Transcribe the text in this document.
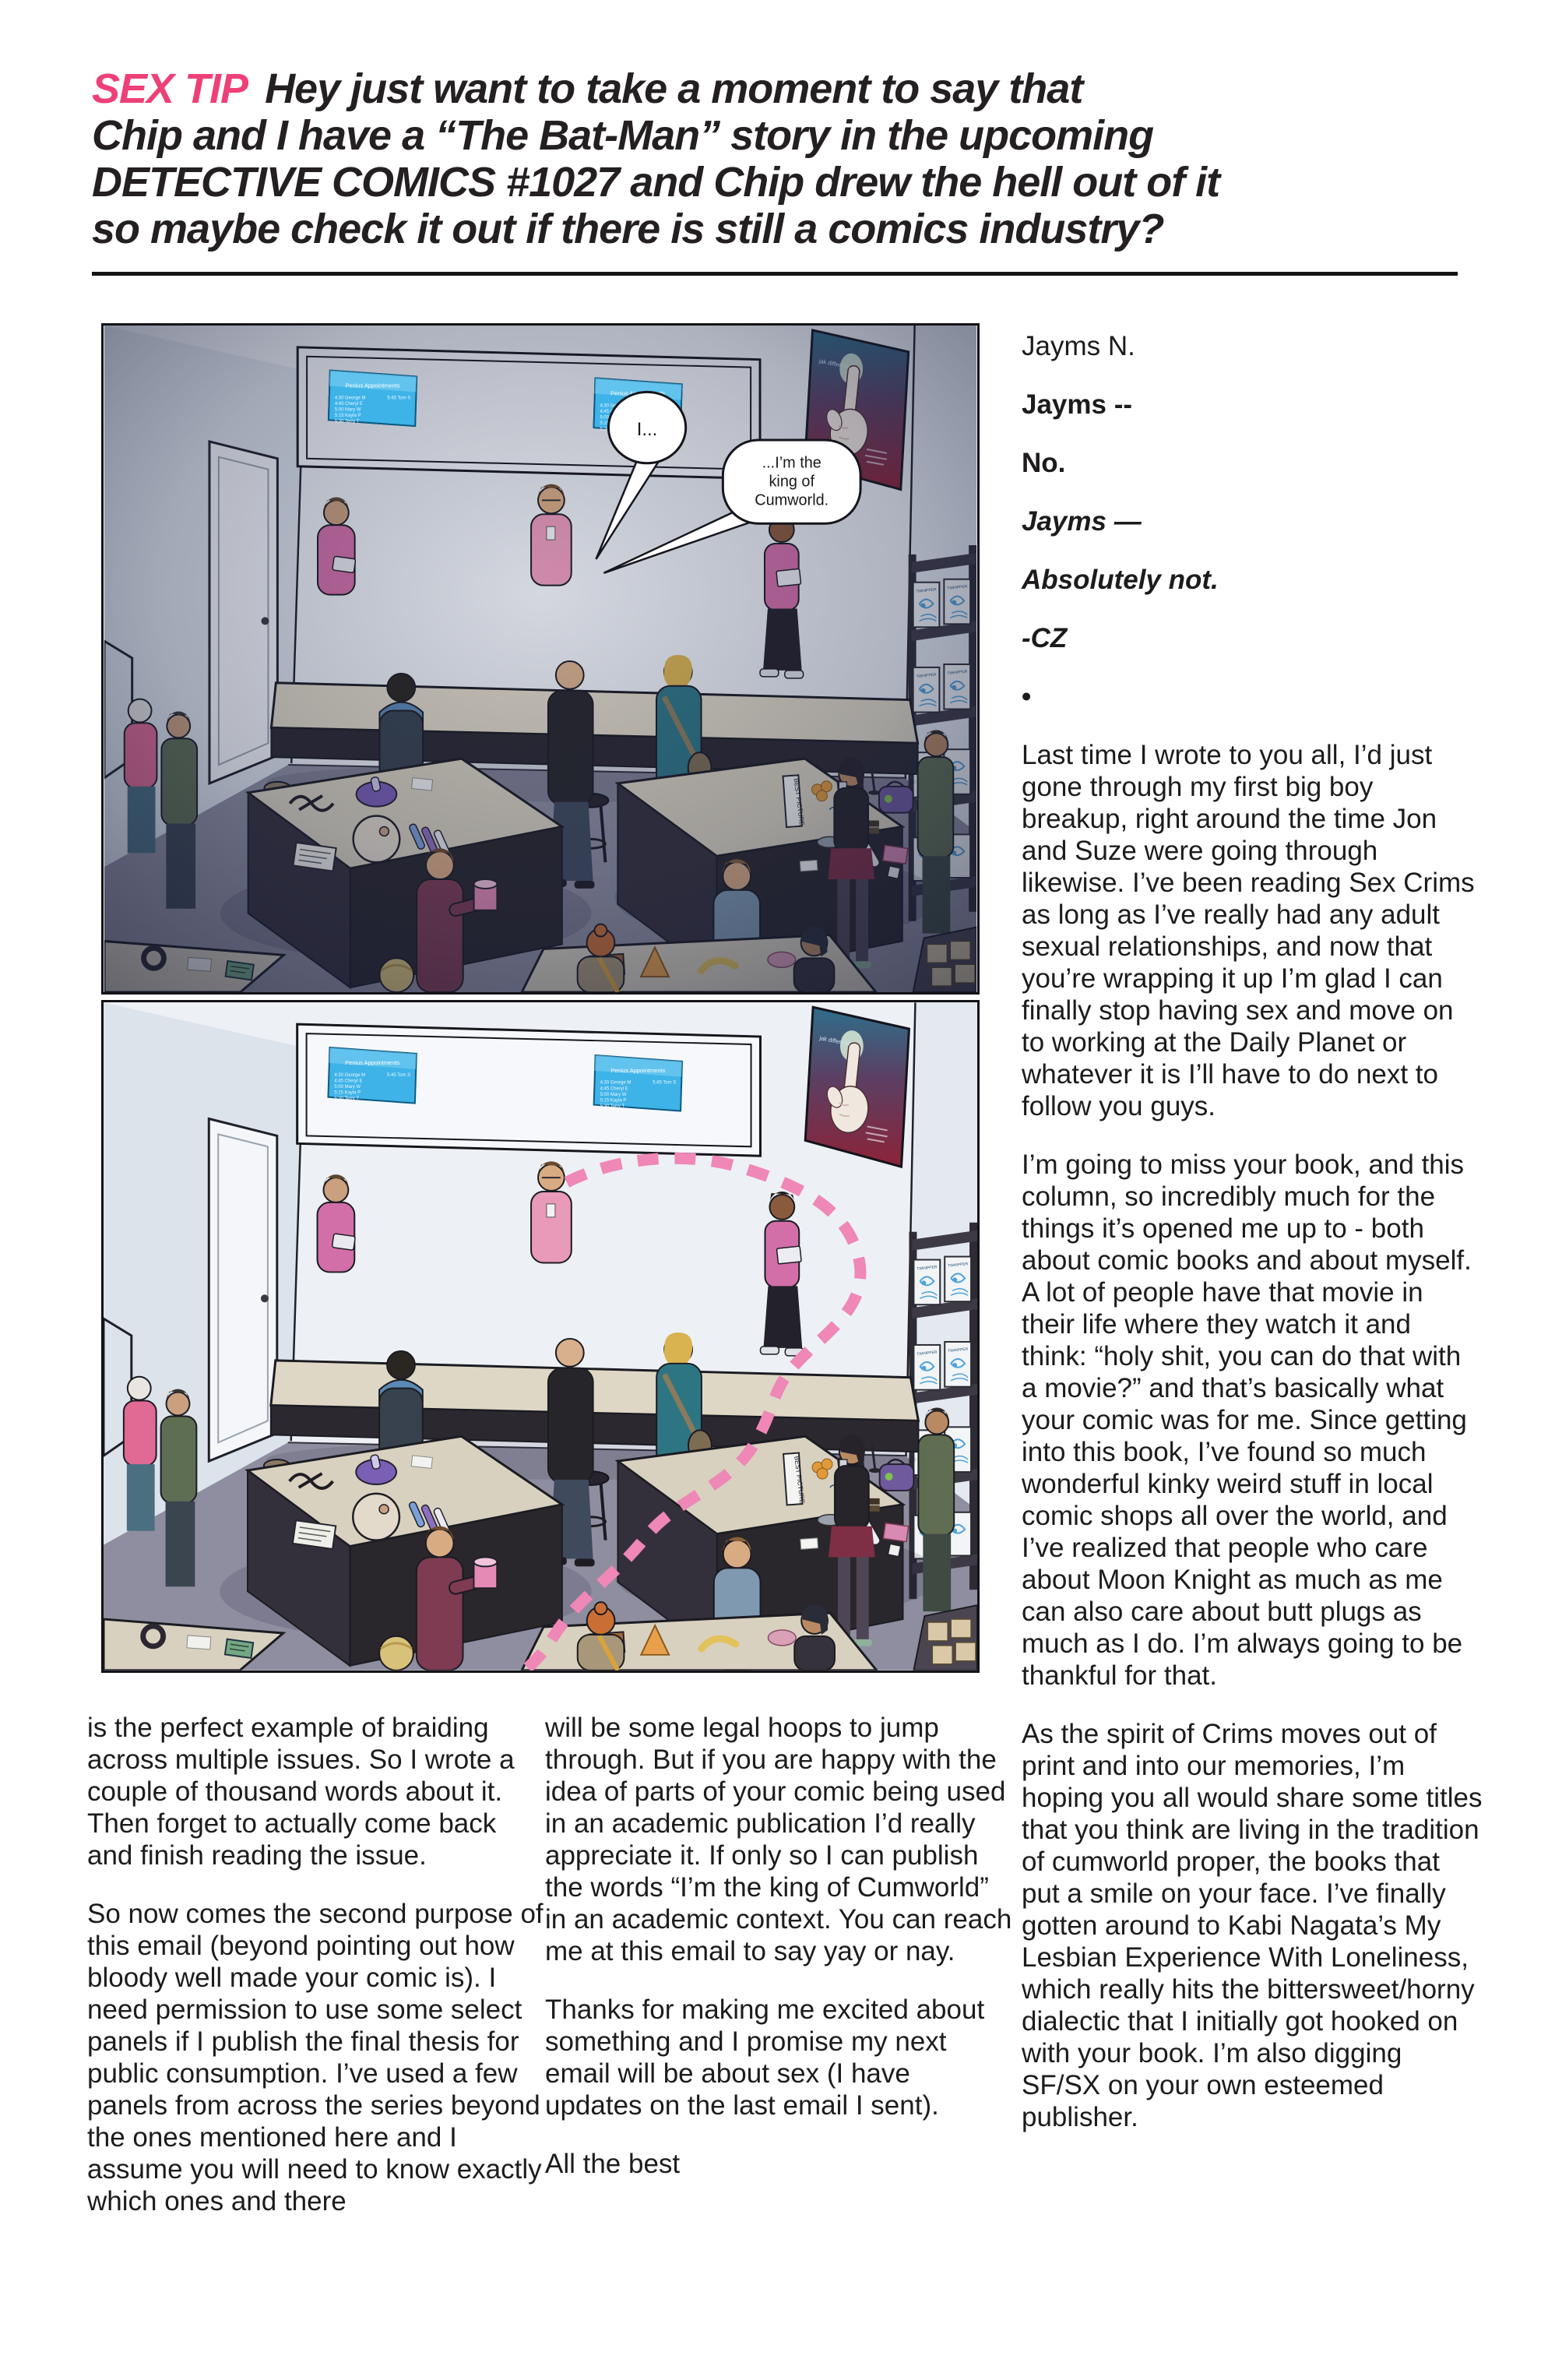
SEX TIP Hey just want to take a moment to say that
Chip and I have a “The Bat-Man” story in the upcoming
DETECTIVE COMICS #1027 and Chip drew the hell out of it
so maybe check it out if there is still a comics industry?
I...
...I’m the
king of
Cumworld.

Jayms N.

Jayms --

No.

Jayms —

Absolutely not.

-CZ

•

Last time I wrote to you all, I’d just gone through my first big boy breakup, right around the time Jon and Suze were going through likewise. I’ve been reading Sex Crims as long as I’ve really had any adult sexual relationships, and now that you’re wrapping it up I’m glad I can finally stop having sex and move on to working at the Daily Planet or whatever it is I’ll have to do next to follow you guys.

I’m going to miss your book, and this column, so incredibly much for the things it’s opened me up to - both about comic books and about myself. A lot of people have that movie in their life where they watch it and think: “holy shit, you can do that with a movie?” and that’s basically what your comic was for me. Since getting into this book, I’ve found so much wonderful kinky weird stuff in local comic shops all over the world, and I’ve realized that people who care about Moon Knight as much as me can also care about butt plugs as much as I do. I’m always going to be thankful for that.

As the spirit of Crims moves out of print and into our memories, I’m hoping you all would share some titles that you think are living in the tradition of cumworld proper, the books that put a smile on your face. I’ve finally gotten around to Kabi Nagata’s My Lesbian Experience With Loneliness, which really hits the bittersweet/horny dialectic that I initially got hooked on with your book. I’m also digging SF/SX on your own esteemed publisher.

is the perfect example of braiding across multiple issues. So I wrote a couple of thousand words about it. Then forget to actually come back and finish reading the issue.

So now comes the second purpose of this email (beyond pointing out how bloody well made your comic is). I need permission to use some select panels if I publish the final thesis for public consumption. I’ve used a few panels from across the series beyond the ones mentioned here and I assume you will need to know exactly which ones and there

will be some legal hoops to jump through. But if you are happy with the idea of parts of your comic being used in an academic publication I’d really appreciate it. If only so I can publish the words “I’m the king of Cumworld” in an academic context. You can reach me at this email to say yay or nay.

Thanks for making me excited about something and I promise my next email will be about sex (I have updates on the last email I sent).

All the best
